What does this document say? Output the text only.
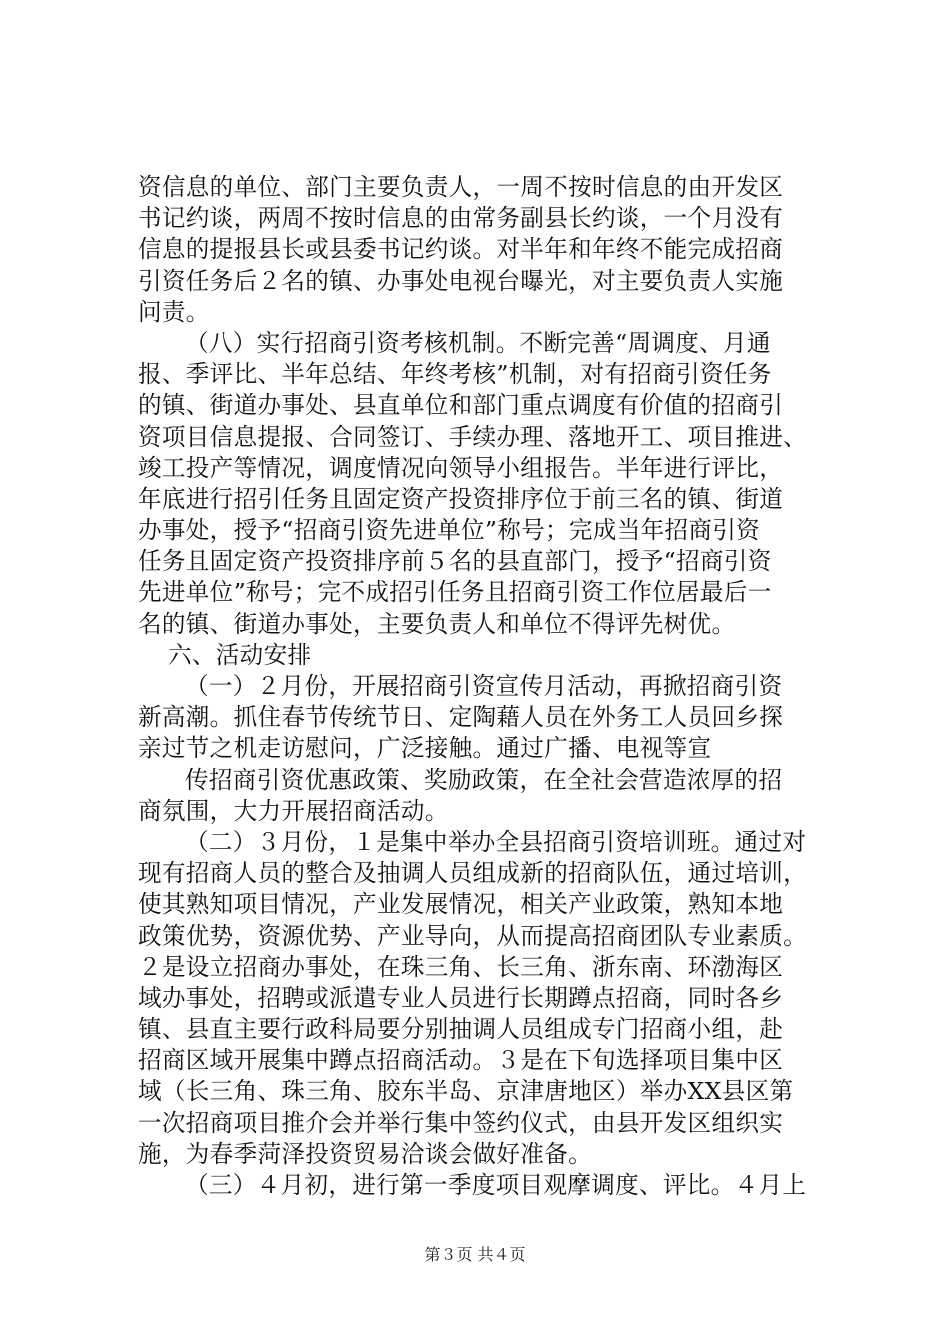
资信息的单位、部门主要负责人，一周不按时信息的由开发区
书记约谈，两周不按时信息的由常务副县长约谈，一个月没有
信息的提报县长或县委书记约谈。对半年和年终不能完成招商
引资任务后２名的镇、办事处电视台曝光，对主要负责人实施
问责。
（八）实行招商引资考核机制。不断完善“周调度、月通
报、季评比、半年总结、年终考核”机制，对有招商引资任务
的镇、街道办事处、县直单位和部门重点调度有价值的招商引
资项目信息提报、合同签订、手续办理、落地开工、项目推进、
竣工投产等情况，调度情况向领导小组报告。半年进行评比，
年底进行招引任务且固定资产投资排序位于前三名的镇、街道
办事处，授予“招商引资先进单位”称号；完成当年招商引资
任务且固定资产投资排序前５名的县直部门，授予“招商引资
先进单位”称号；完不成招引任务且招商引资工作位居最后一
名的镇、街道办事处，主要负责人和单位不得评先树优。
六、活动安排
（一）２月份，开展招商引资宣传月活动，再掀招商引资
新高潮。抓住春节传统节日、定陶藉人员在外务工人员回乡探
亲过节之机走访慰问，广泛接触。通过广播、电视等宣
传招商引资优惠政策、奖励政策，在全社会营造浓厚的招
商氛围，大力开展招商活动。
（二）３月份，１是集中举办全县招商引资培训班。通过对
现有招商人员的整合及抽调人员组成新的招商队伍，通过培训，
使其熟知项目情况，产业发展情况，相关产业政策，熟知本地
政策优势，资源优势、产业导向，从而提高招商团队专业素质。
２是设立招商办事处，在珠三角、长三角、浙东南、环渤海区
域办事处，招聘或派遣专业人员进行长期蹲点招商，同时各乡
镇、县直主要行政科局要分别抽调人员组成专门招商小组，赴
招商区域开展集中蹲点招商活动。３是在下旬选择项目集中区
域（长三角、珠三角、胶东半岛、京津唐地区）举办XX县区第
一次招商项目推介会并举行集中签约仪式，由县开发区组织实
施，为春季菏泽投资贸易洽谈会做好准备。
（三）４月初，进行第一季度项目观摩调度、评比。４月上
第３页 共４页
